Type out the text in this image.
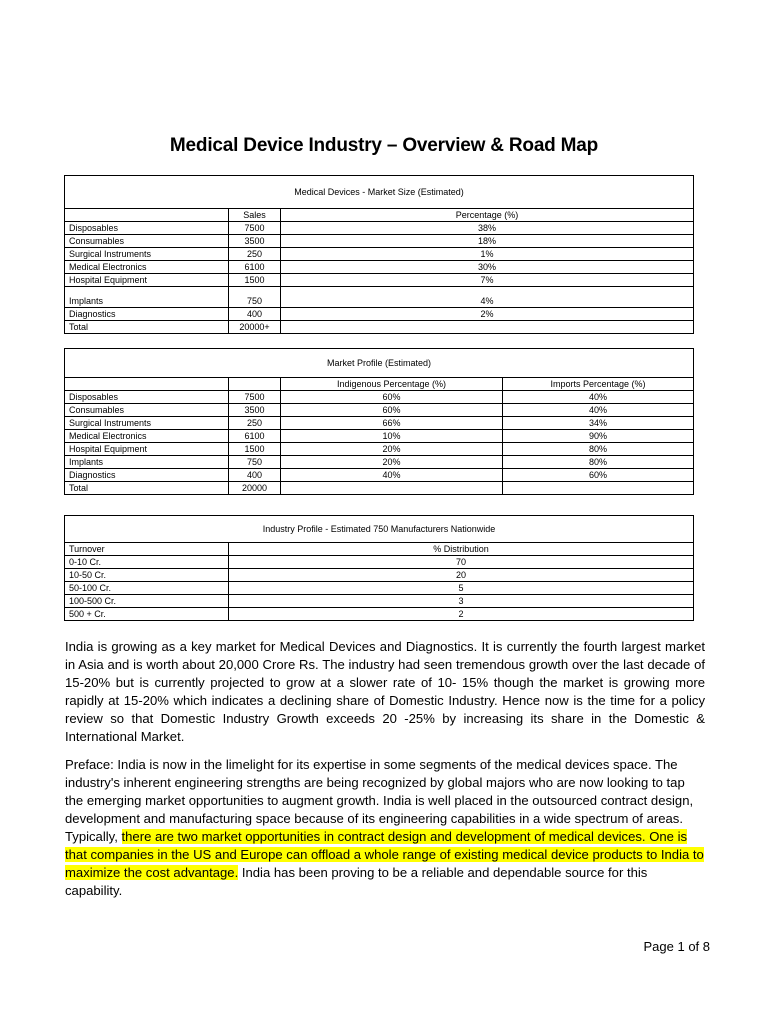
Medical Device Industry – Overview & Road Map
Medical Devices - Market Size (Estimated)		
	Sales	Percentage (%)
Disposables	7500	38%
Consumables	3500	18%
Surgical Instruments	250	1%
Medical Electronics	6100	30%
Hospital Equipment	1500	7%
Implants	750	4%
Diagnostics	400	2%
Total	20000+	
Market Profile (Estimated)			
		Indigenous Percentage (%)	Imports Percentage (%)
Disposables	7500	60%	40%
Consumables	3500	60%	40%
Surgical Instruments	250	66%	34%
Medical Electronics	6100	10%	90%
Hospital Equipment	1500	20%	80%
Implants	750	20%	80%
Diagnostics	400	40%	60%
Total	20000		
Industry Profile - Estimated 750 Manufacturers Nationwide	
Turnover	% Distribution
0-10 Cr.	70
10-50 Cr.	20
50-100 Cr.	5
100-500 Cr.	3
500 + Cr.	2

India is growing as a key market for Medical Devices and Diagnostics. It is currently the fourth largest market in Asia and is worth about 20,000 Crore Rs. The industry had seen tremendous growth over the last decade of 15-20% but is currently projected to grow at a slower rate of 10- 15% though the market is growing more rapidly at 15-20% which indicates a declining share of Domestic Industry. Hence now is the time for a policy review so that Domestic Industry Growth exceeds 20 -25% by increasing its share in the Domestic & International Market.

Preface: India is now in the limelight for its expertise in some segments of the medical devices space. The industry's inherent engineering strengths are being recognized by global majors who are now looking to tap the emerging market opportunities to augment growth. India is well placed in the outsourced contract design, development and manufacturing space because of its engineering capabilities in a wide spectrum of areas. Typically, there are two market opportunities in contract design and development of medical devices. One is that companies in the US and Europe can offload a whole range of existing medical device products to India to maximize the cost advantage. India has been proving to be a reliable and dependable source for this capability.

Page 1 of 8
